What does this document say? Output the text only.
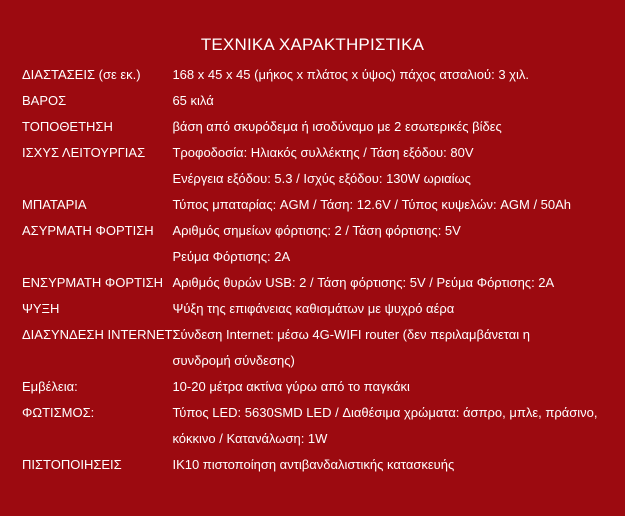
ΤΕΧΝΙΚΑ ΧΑΡΑΚΤΗΡΙΣΤΙΚΑ
ΔΙΑΣΤΑΣΕΙΣ (σε εκ.)	168 x 45 x 45 (μήκος x πλάτος x ύψος) πάχος ατσαλιού: 3 χιλ.

ΒΑΡΟΣ	65 κιλά

ΤΟΠΟΘΕΤΗΣΗ	βάση από σκυρόδεμα ή ισοδύναμο με 2 εσωτερικές βίδες

ΙΣΧΥΣ ΛΕΙΤΟΥΡΓΙΑΣ	Τροφοδοσία: Ηλιακός συλλέκτης / Τάση εξόδου: 80V
Ενέργεια εξόδου: 5.3 / Ισχύς εξόδου: 130W ωριαίως

ΜΠΑΤΑΡΙΑ	Τύπος μπαταρίας: AGM / Τάση: 12.6V / Τύπος κυψελών: AGM / 50Ah

ΑΣΥΡΜΑΤΗ ΦΟΡΤΙΣΗ	Αριθμός σημείων φόρτισης: 2 / Τάση φόρτισης: 5V
Ρεύμα Φόρτισης: 2A

ΕΝΣΥΡΜΑΤΗ ΦΟΡΤΙΣΗ	Αριθμός θυρών USB: 2 / Τάση φόρτισης: 5V / Ρεύμα Φόρτισης: 2A

ΨΥΞΗ	Ψύξη της επιφάνειας καθισμάτων με ψυχρό αέρα

ΔΙΑΣΥΝΔΕΣΗ INTERNET	Σύνδεση Internet: μέσω 4G-WIFI router (δεν περιλαμβάνεται η
συνδρομή σύνδεσης)

Εμβέλεια:	10-20 μέτρα ακτίνα γύρω από το παγκάκι

ΦΩΤΙΣΜΟΣ:	Τύπος LED: 5630SMD LED / Διαθέσιμα χρώματα: άσπρο, μπλε, πράσινο,
κόκκινο / Κατανάλωση: 1W

ΠΙΣΤΟΠΟΙΗΣΕΙΣ	IK10 πιστοποίηση αντιβανδαλιστικής κατασκευής
